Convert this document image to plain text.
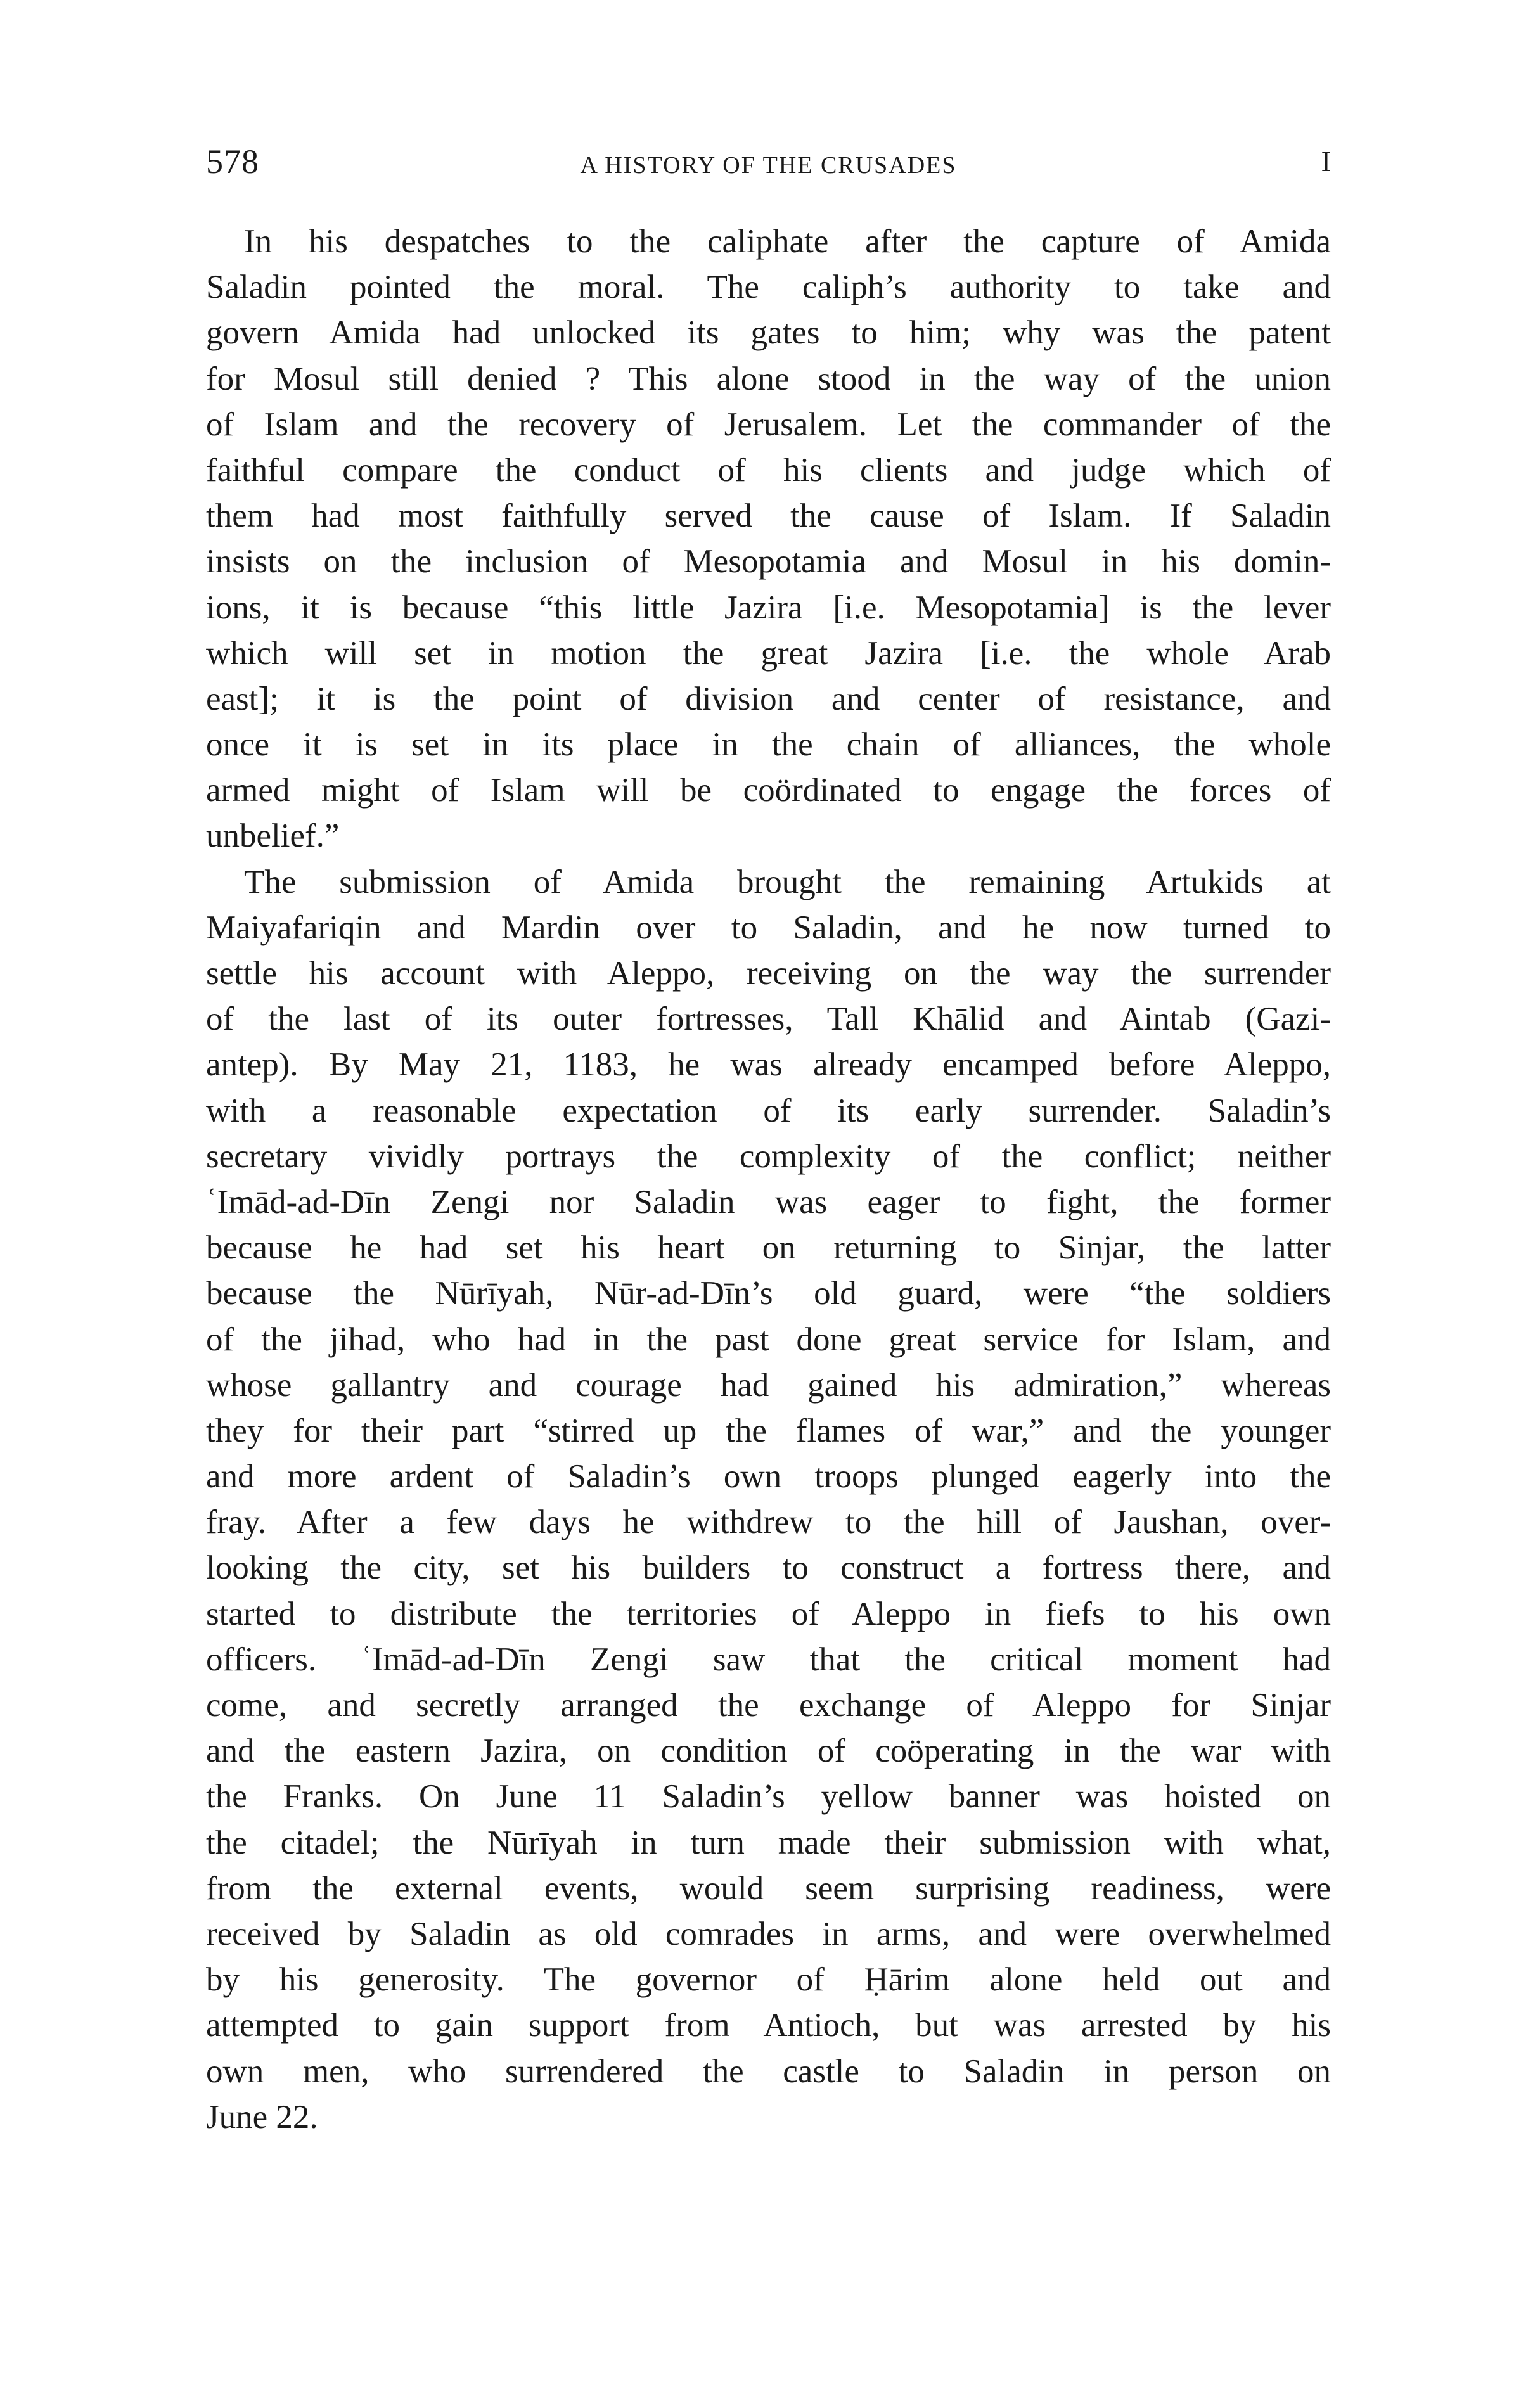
578	A HISTORY OF THE CRUSADES	I
In his despatches to the caliphate after the capture of Amida
Saladin pointed the moral. The caliph’s authority to take and
govern Amida had unlocked its gates to him; why was the patent
for Mosul still denied ? This alone stood in the way of the union
of Islam and the recovery of Jerusalem. Let the commander of the
faithful compare the conduct of his clients and judge which of
them had most faithfully served the cause of Islam. If Saladin
insists on the inclusion of Mesopotamia and Mosul in his domin-
ions, it is because “this little Jazira [i.e. Mesopotamia] is the lever
which will set in motion the great Jazira [i.e. the whole Arab
east]; it is the point of division and center of resistance, and
once it is set in its place in the chain of alliances, the whole
armed might of Islam will be coördinated to engage the forces of
unbelief.”
The submission of Amida brought the remaining Artukids at
Maiyafariqin and Mardin over to Saladin, and he now turned to
settle his account with Aleppo, receiving on the way the surrender
of the last of its outer fortresses, Tall Khālid and Aintab (Gazi-
antep). By May 21, 1183, he was already encamped before Aleppo,
with a reasonable expectation of its early surrender. Saladin’s
secretary vividly portrays the complexity of the conflict; neither
ʿImād-ad-Dīn Zengi nor Saladin was eager to fight, the former
because he had set his heart on returning to Sinjar, the latter
because the Nūrīyah, Nūr-ad-Dīn’s old guard, were “the soldiers
of the jihad, who had in the past done great service for Islam, and
whose gallantry and courage had gained his admiration,” whereas
they for their part “stirred up the flames of war,” and the younger
and more ardent of Saladin’s own troops plunged eagerly into the
fray. After a few days he withdrew to the hill of Jaushan, over-
looking the city, set his builders to construct a fortress there, and
started to distribute the territories of Aleppo in fiefs to his own
officers. ʿImād-ad-Dīn Zengi saw that the critical moment had
come, and secretly arranged the exchange of Aleppo for Sinjar
and the eastern Jazira, on condition of coöperating in the war with
the Franks. On June 11 Saladin’s yellow banner was hoisted on
the citadel; the Nūrīyah in turn made their submission with what,
from the external events, would seem surprising readiness, were
received by Saladin as old comrades in arms, and were overwhelmed
by his generosity. The governor of Ḥārim alone held out and
attempted to gain support from Antioch, but was arrested by his
own men, who surrendered the castle to Saladin in person on
June 22.
